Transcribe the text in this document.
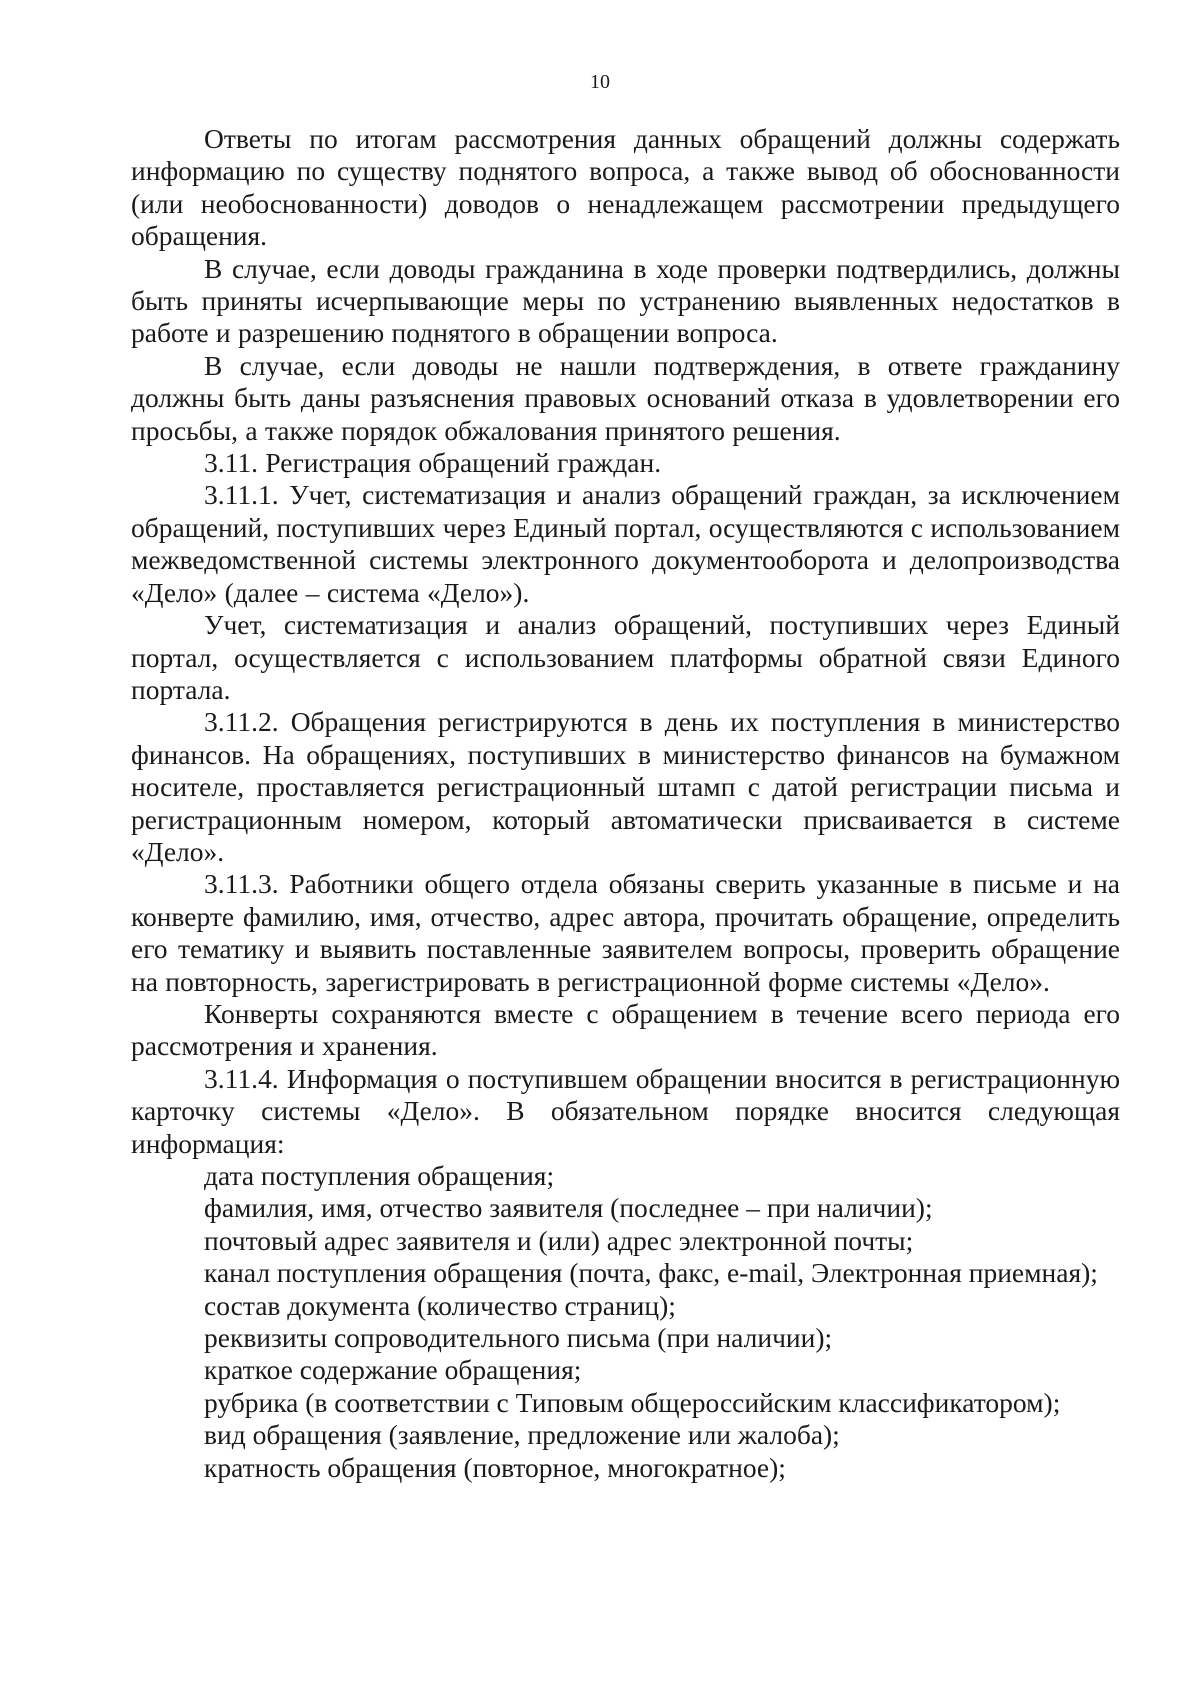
10

Ответы по итогам рассмотрения данных обращений должны содержать информацию по существу поднятого вопроса, а также вывод об обоснованности (или необоснованности) доводов о ненадлежащем рассмотрении предыдущего обращения.

В случае, если доводы гражданина в ходе проверки подтвердились, должны быть приняты исчерпывающие меры по устранению выявленных недостатков в работе и разрешению поднятого в обращении вопроса.

В случае, если доводы не нашли подтверждения, в ответе гражданину должны быть даны разъяснения правовых оснований отказа в удовлетворении его просьбы, а также порядок обжалования принятого решения.

3.11. Регистрация обращений граждан.

3.11.1. Учет, систематизация и анализ обращений граждан, за исключением обращений, поступивших через Единый портал, осуществляются с использованием межведомственной системы электронного документооборота и делопроизводства «Дело» (далее – система «Дело»).

Учет, систематизация и анализ обращений, поступивших через Единый портал, осуществляется с использованием платформы обратной связи Единого портала.

3.11.2. Обращения регистрируются в день их поступления в министерство финансов. На обращениях, поступивших в министерство финансов на бумажном носителе, проставляется регистрационный штамп с датой регистрации письма и регистрационным номером, который автоматически присваивается в системе «Дело».

3.11.3. Работники общего отдела обязаны сверить указанные в письме и на конверте фамилию, имя, отчество, адрес автора, прочитать обращение, определить его тематику и выявить поставленные заявителем вопросы, проверить обращение на повторность, зарегистрировать в регистрационной форме системы «Дело».

Конверты сохраняются вместе с обращением в течение всего периода его рассмотрения и хранения.

3.11.4. Информация о поступившем обращении вносится в регистрационную карточку системы «Дело». В обязательном порядке вносится следующая информация:

дата поступления обращения;

фамилия, имя, отчество заявителя (последнее – при наличии);

почтовый адрес заявителя и (или) адрес электронной почты;

канал поступления обращения (почта, факс, e-mail, Электронная приемная);

состав документа (количество страниц);

реквизиты сопроводительного письма (при наличии);

краткое содержание обращения;

рубрика (в соответствии с Типовым общероссийским классификатором);

вид обращения (заявление, предложение или жалоба);

кратность обращения (повторное, многократное);
